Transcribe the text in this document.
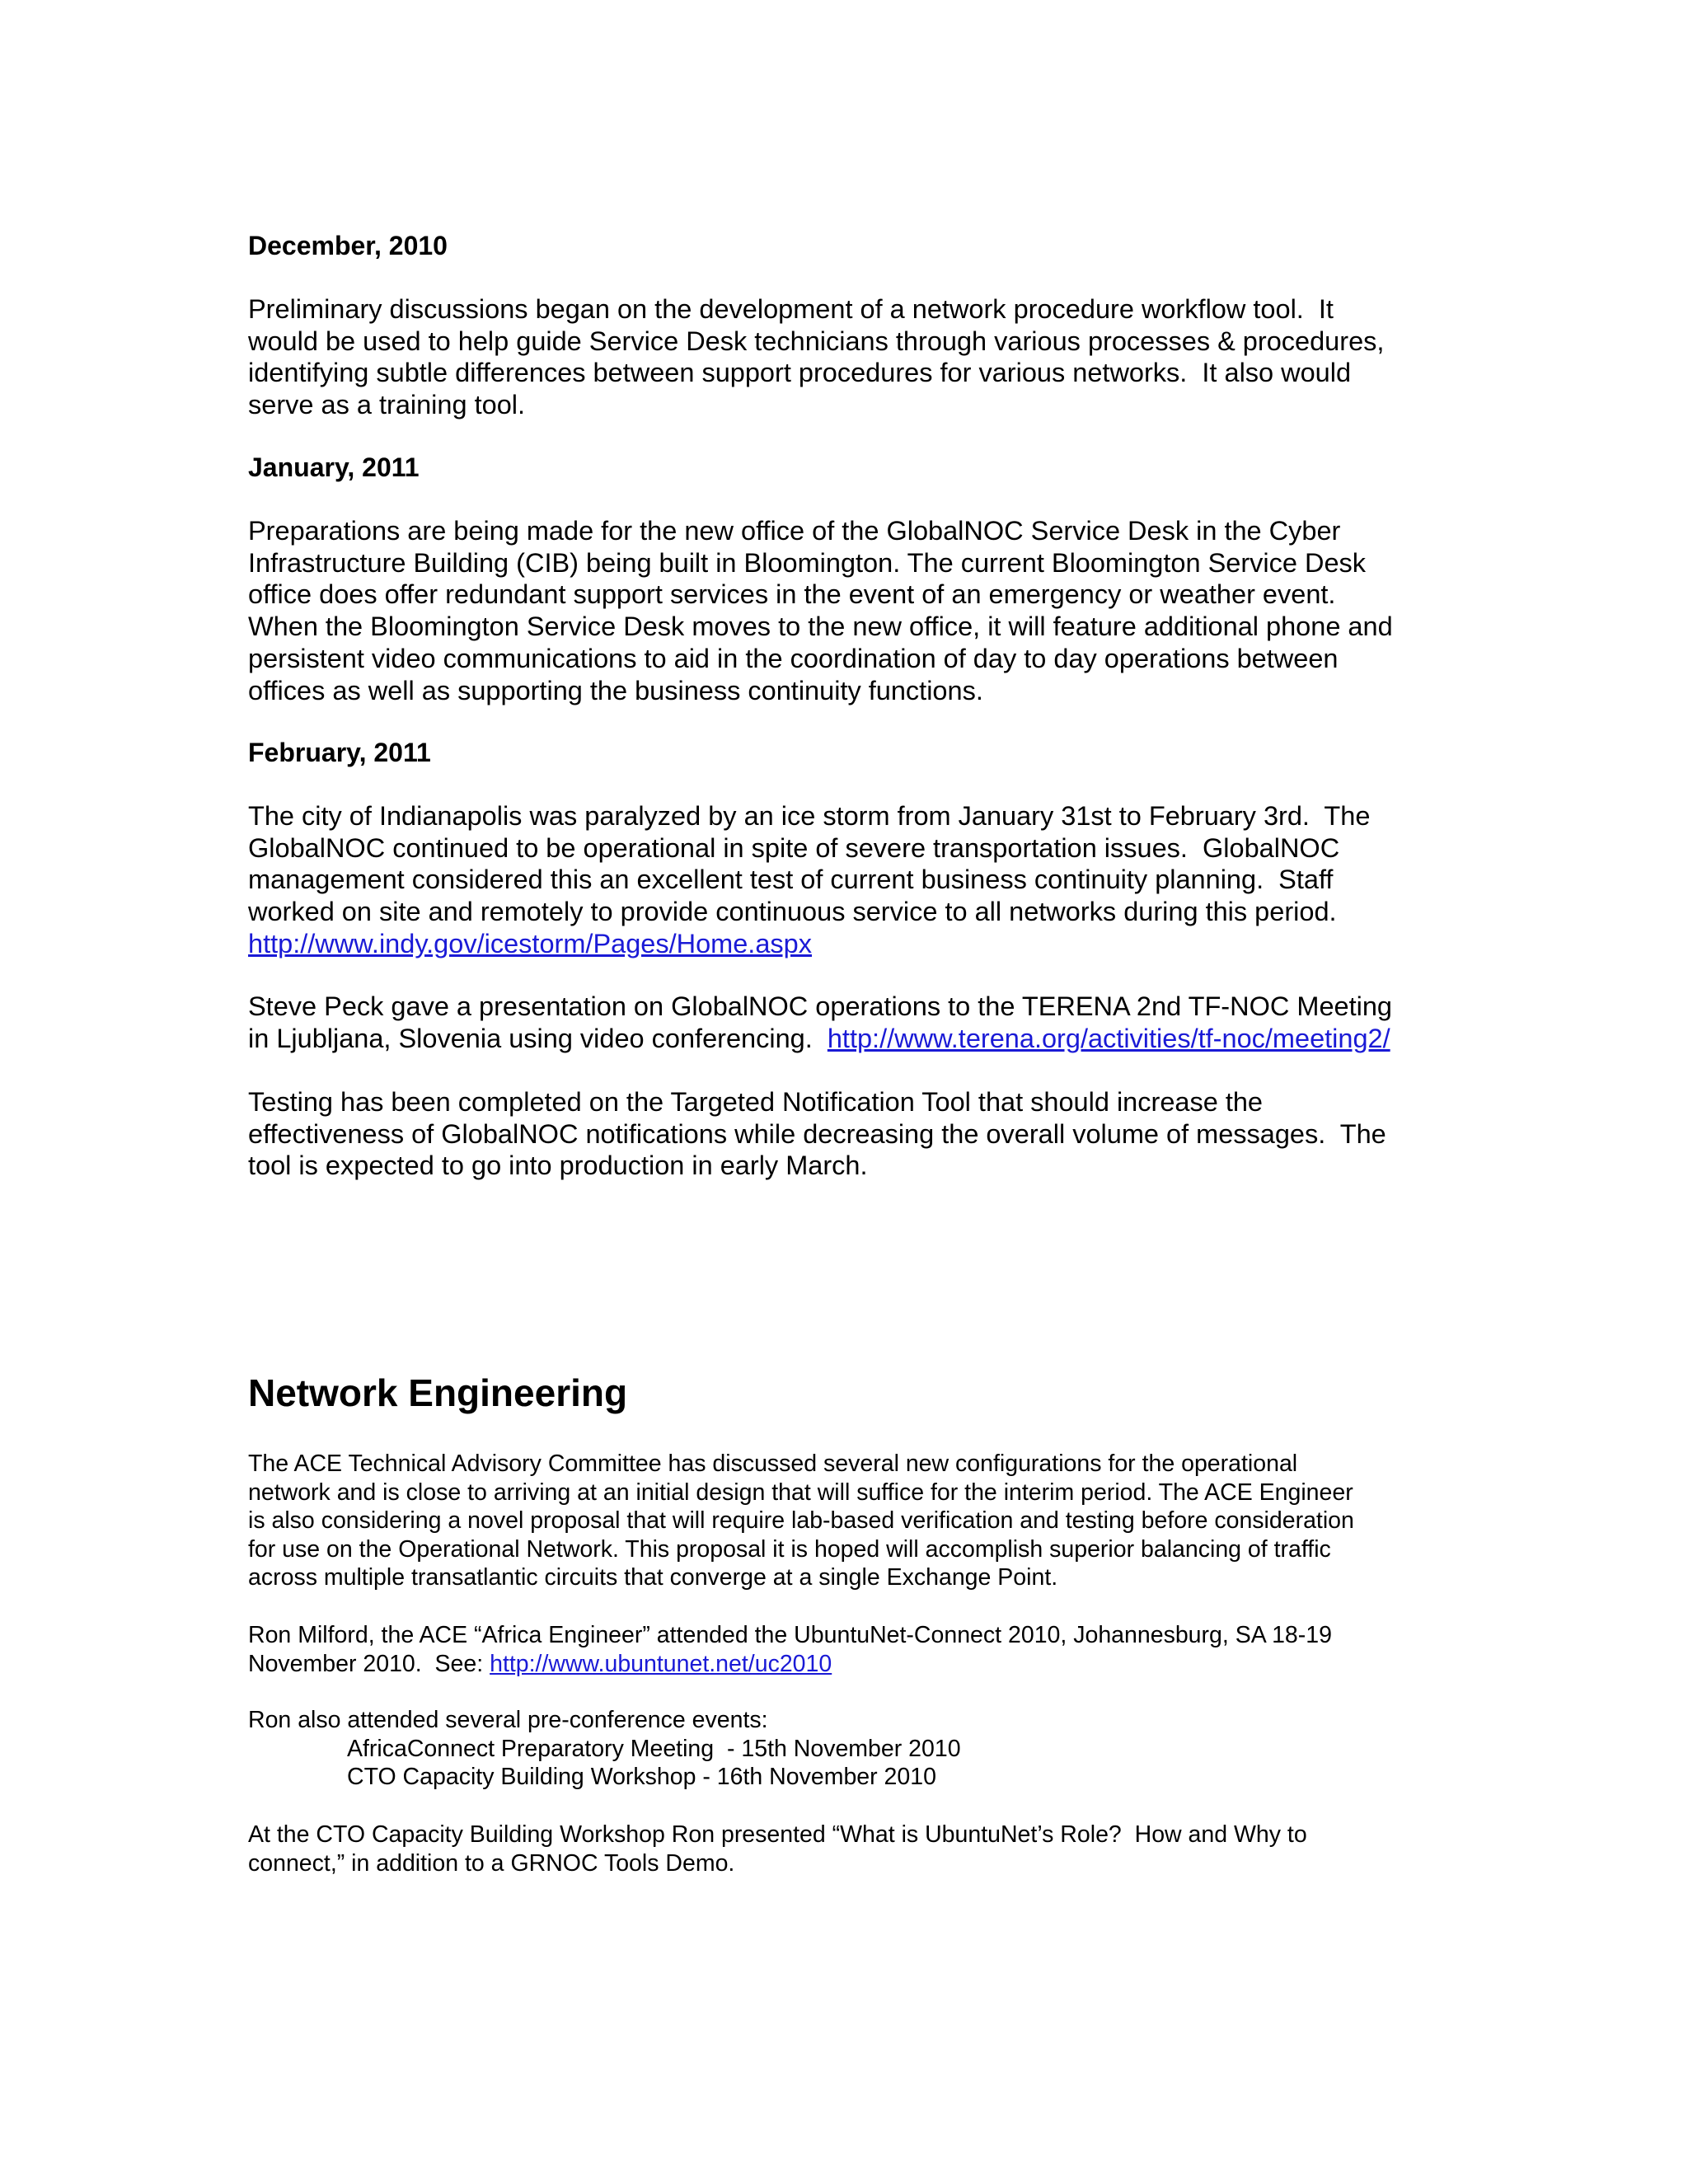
December, 2010
Preliminary discussions began on the development of a network procedure workflow tool.  It
would be used to help guide Service Desk technicians through various processes & procedures,
identifying subtle differences between support procedures for various networks.  It also would
serve as a training tool.
January, 2011
Preparations are being made for the new office of the GlobalNOC Service Desk in the Cyber
Infrastructure Building (CIB) being built in Bloomington. The current Bloomington Service Desk
office does offer redundant support services in the event of an emergency or weather event.
When the Bloomington Service Desk moves to the new office, it will feature additional phone and
persistent video communications to aid in the coordination of day to day operations between
offices as well as supporting the business continuity functions.
February, 2011
The city of Indianapolis was paralyzed by an ice storm from January 31st to February 3rd.  The
GlobalNOC continued to be operational in spite of severe transportation issues.  GlobalNOC
management considered this an excellent test of current business continuity planning.  Staff
worked on site and remotely to provide continuous service to all networks during this period.
http://www.indy.gov/icestorm/Pages/Home.aspx
Steve Peck gave a presentation on GlobalNOC operations to the TERENA 2nd TF-NOC Meeting
in Ljubljana, Slovenia using video conferencing.  http://www.terena.org/activities/tf-noc/meeting2/
Testing has been completed on the Targeted Notification Tool that should increase the
effectiveness of GlobalNOC notifications while decreasing the overall volume of messages.  The
tool is expected to go into production in early March.
Network Engineering
The ACE Technical Advisory Committee has discussed several new configurations for the operational
network and is close to arriving at an initial design that will suffice for the interim period. The ACE Engineer
is also considering a novel proposal that will require lab-based verification and testing before consideration
for use on the Operational Network. This proposal it is hoped will accomplish superior balancing of traffic
across multiple transatlantic circuits that converge at a single Exchange Point.
Ron Milford, the ACE “Africa Engineer” attended the UbuntuNet-Connect 2010, Johannesburg, SA 18-19
November 2010.  See: http://www.ubuntunet.net/uc2010
Ron also attended several pre-conference events:
AfricaConnect Preparatory Meeting  - 15th November 2010
CTO Capacity Building Workshop - 16th November 2010
At the CTO Capacity Building Workshop Ron presented “What is UbuntuNet’s Role?  How and Why to
connect,” in addition to a GRNOC Tools Demo.
